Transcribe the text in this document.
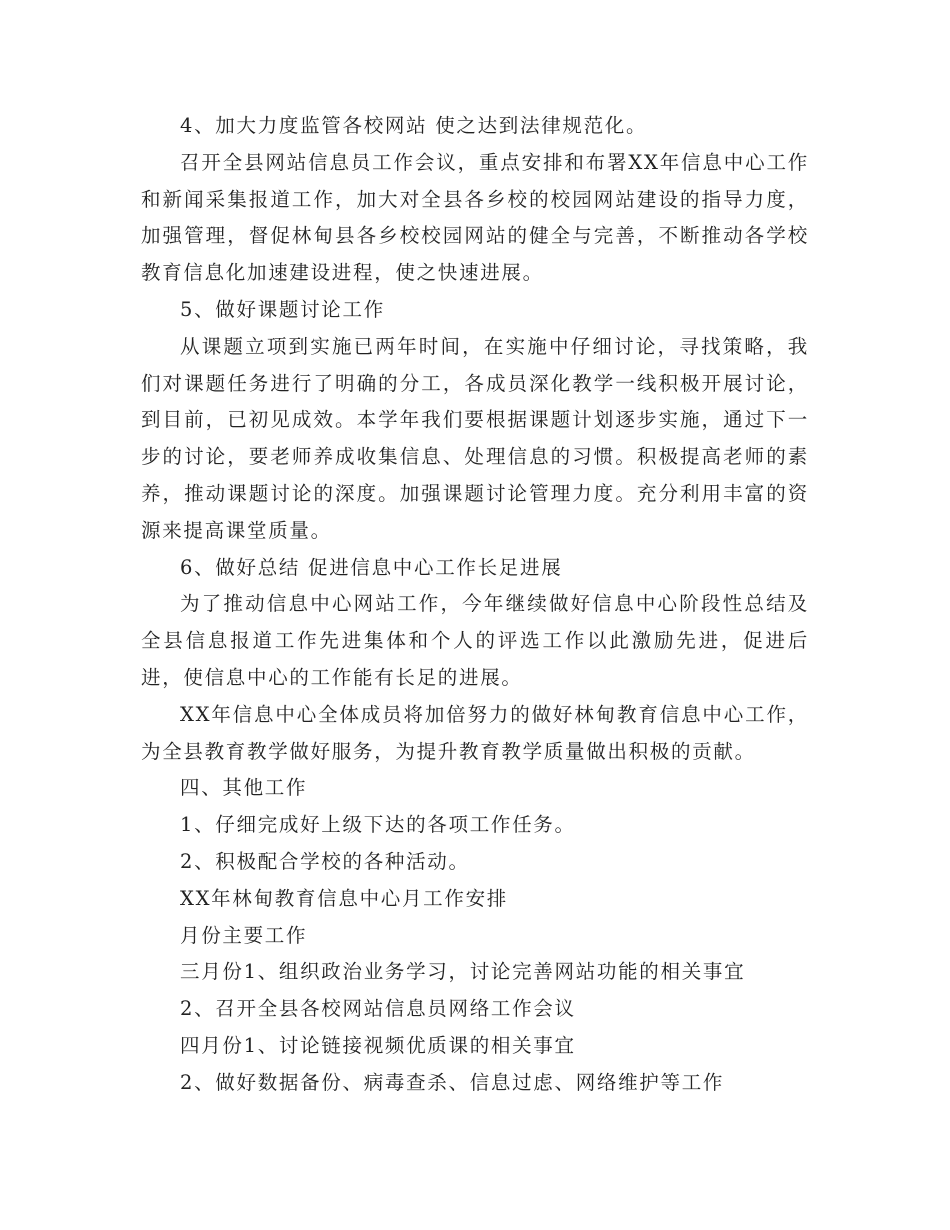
4、加大力度监管各校网站 使之达到法律规范化。

召开全县网站信息员工作会议，重点安排和布署XX年信息中心工作和新闻采集报道工作，加大对全县各乡校的校园网站建设的指导力度，加强管理，督促林甸县各乡校校园网站的健全与完善，不断推动各学校教育信息化加速建设进程，使之快速进展。

5、做好课题讨论工作

从课题立项到实施已两年时间，在实施中仔细讨论，寻找策略，我们对课题任务进行了明确的分工，各成员深化教学一线积极开展讨论，到目前，已初见成效。本学年我们要根据课题计划逐步实施，通过下一步的讨论，要老师养成收集信息、处理信息的习惯。积极提高老师的素养，推动课题讨论的深度。加强课题讨论管理力度。充分利用丰富的资源来提高课堂质量。

6、做好总结 促进信息中心工作长足进展

为了推动信息中心网站工作，今年继续做好信息中心阶段性总结及全县信息报道工作先进集体和个人的评选工作以此激励先进，促进后进，使信息中心的工作能有长足的进展。

XX年信息中心全体成员将加倍努力的做好林甸教育信息中心工作，为全县教育教学做好服务，为提升教育教学质量做出积极的贡献。

四、其他工作

1、仔细完成好上级下达的各项工作任务。

2、积极配合学校的各种活动。

XX年林甸教育信息中心月工作安排

月份主要工作

三月份1、组织政治业务学习，讨论完善网站功能的相关事宜

2、召开全县各校网站信息员网络工作会议

四月份1、讨论链接视频优质课的相关事宜

2、做好数据备份、病毒查杀、信息过虑、网络维护等工作
